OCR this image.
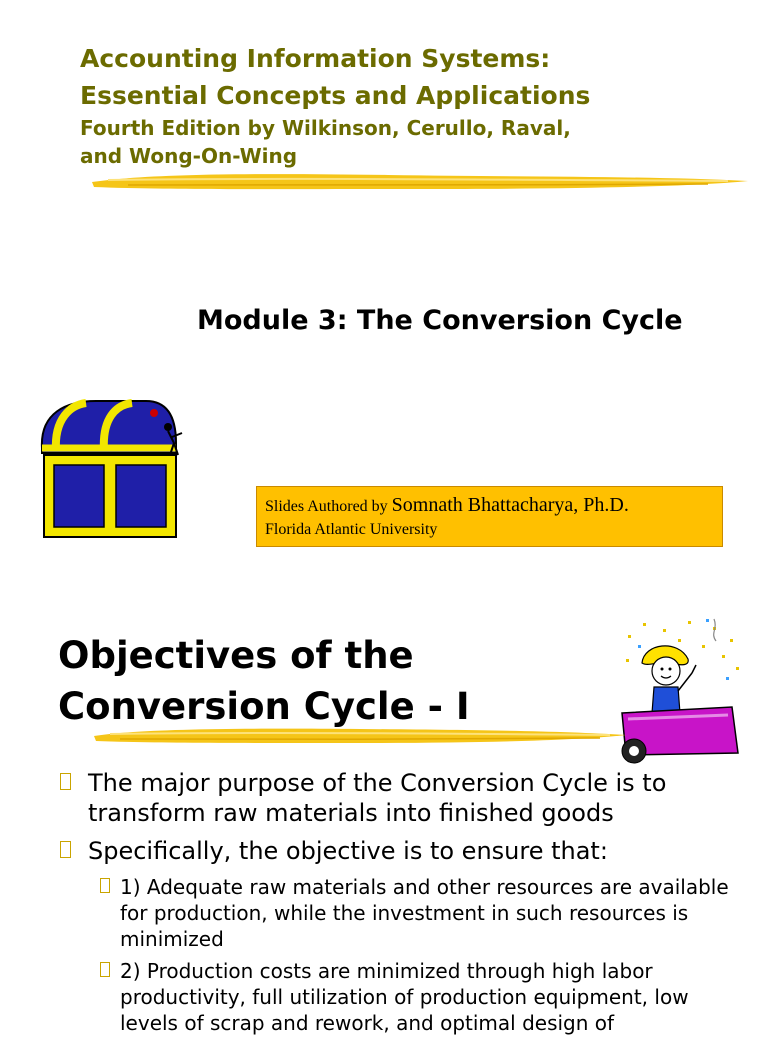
Accounting Information Systems:
Essential Concepts and Applications
Fourth Edition by Wilkinson, Cerullo, Raval,
and Wong-On-Wing
Module 3: The Conversion Cycle
Slides Authored by Somnath Bhattacharya, Ph.D.
Florida Atlantic University
Objectives of the Conversion Cycle - I
The major purpose of the Conversion Cycle is to transform raw materials into finished goods
Specifically, the objective is to ensure that:
1) Adequate raw materials and other resources are available for production, while the investment in such resources is minimized
2) Production costs are minimized through high labor productivity, full utilization of production equipment, low levels of scrap and rework, and optimal design of
